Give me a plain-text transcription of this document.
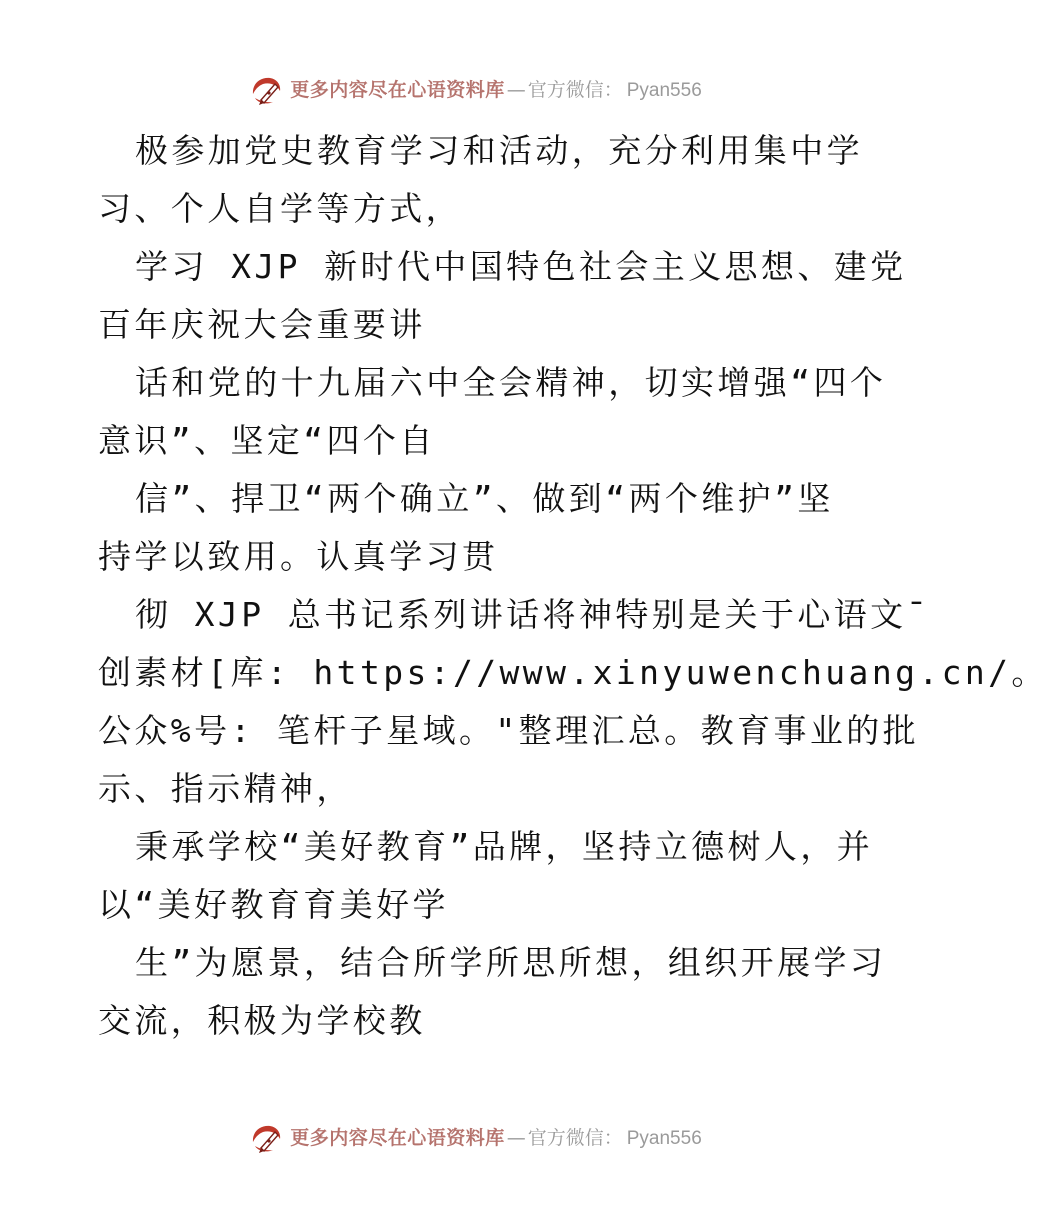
更多内容尽在心语资料库 — 官方微信： Pyan556
极参加党史教育学习和活动，充分利用集中学
习、个人自学等方式，
学习 XJP 新时代中国特色社会主义思想、建党
百年庆祝大会重要讲
话和党的十九届六中全会精神，切实增强“四个
意识”、坚定“四个自
信”、捍卫“两个确立”、做到“两个维护”坚
持学以致用。认真学习贯
彻 XJP 总书记系列讲话将神特别是关于心语文¯
创素材[库: https://www.xinyuwenchuang.cn/。
公众%号: 笔杆子星域。"整理汇总。教育事业的批
示、指示精神，
秉承学校“美好教育”品牌，坚持立德树人，并
以“美好教育育美好学
生”为愿景，结合所学所思所想，组织开展学习
交流，积极为学校教
更多内容尽在心语资料库 — 官方微信： Pyan556
